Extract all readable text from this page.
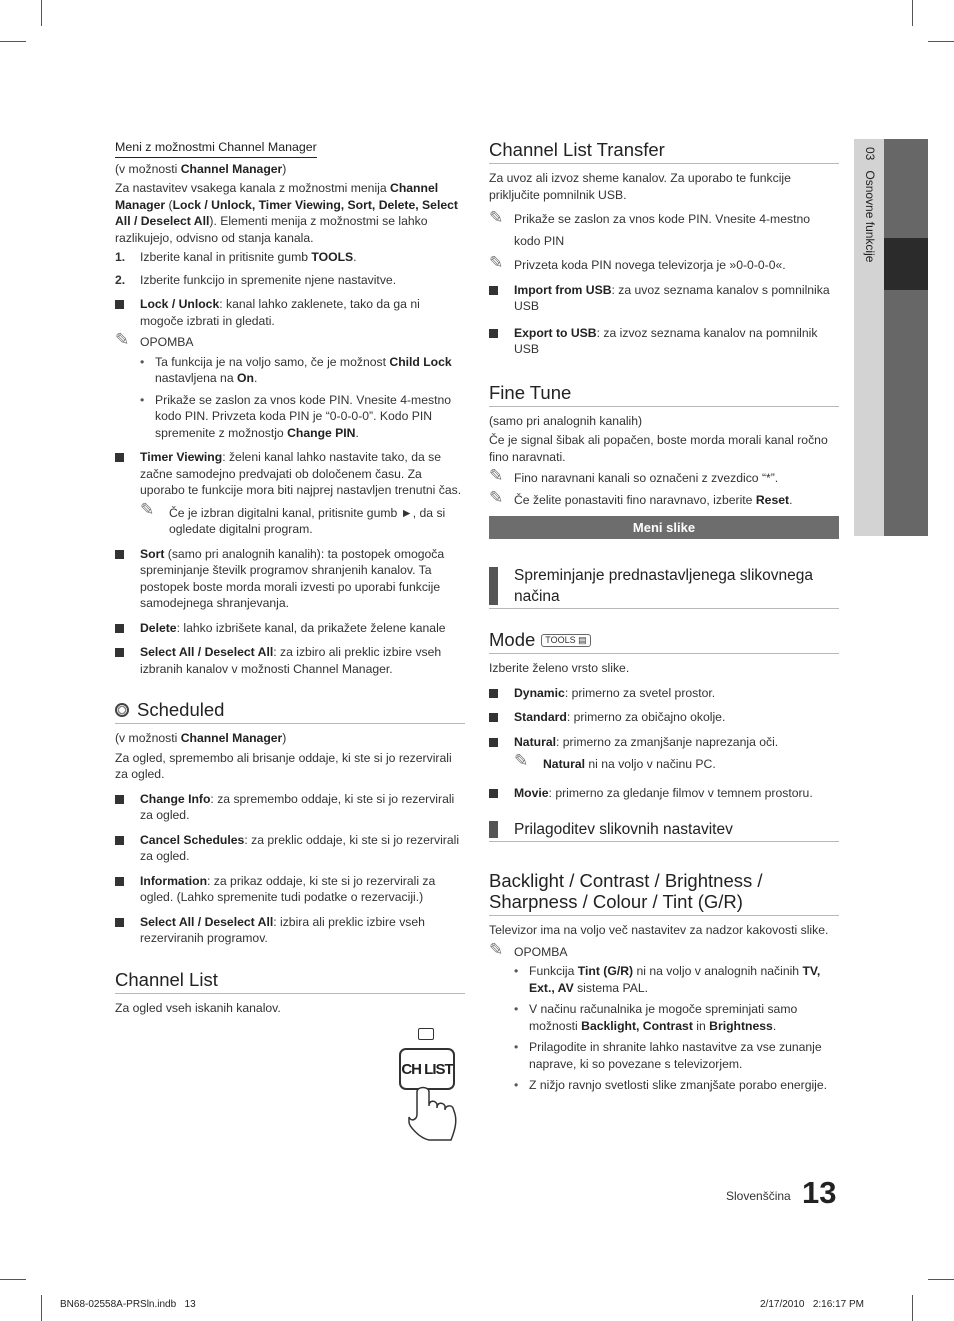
03   Osnovne funkcije
Meni z možnostmi Channel Manager

(v možnosti Channel Manager)

Za nastavitev vsakega kanala z možnostmi menija Channel Manager (Lock / Unlock, Timer Viewing, Sort, Delete, Select All / Deselect All). Elementi menija z možnostmi se lahko razlikujejo, odvisno od stanja kanala.

1. Izberite kanal in pritisnite gumb TOOLS.
2. Izberite funkcijo in spremenite njene nastavitve.
Lock / Unlock: kanal lahko zaklenete, tako da ga ni mogoče izbrati in gledati.
✎ OPOMBA
• Ta funkcija je na voljo samo, če je možnost Child Lock nastavljena na On.
• Prikaže se zaslon za vnos kode PIN. Vnesite 4-mestno kodo PIN. Privzeta koda PIN je “0-0-0-0”. Kodo PIN spremenite z možnostjo Change PIN.
Timer Viewing: želeni kanal lahko nastavite tako, da se začne samodejno predvajati ob določenem času. Za uporabo te funkcije mora biti najprej nastavljen trenutni čas.
✎ Če je izbran digitalni kanal, pritisnite gumb ►, da si ogledate digitalni program.
Sort (samo pri analognih kanalih): ta postopek omogoča spreminjanje številk programov shranjenih kanalov. Ta postopek boste morda morali izvesti po uporabi funkcije samodejnega shranjevanja.
Delete: lahko izbrišete kanal, da prikažete želene kanale
Select All / Deselect All: za izbiro ali preklic izbire vseh izbranih kanalov v možnosti Channel Manager.
Scheduled

(v možnosti Channel Manager)

Za ogled, spremembo ali brisanje oddaje, ki ste si jo rezervirali za ogled.

Change Info: za spremembo oddaje, ki ste si jo rezervirali za ogled.
Cancel Schedules: za preklic oddaje, ki ste si jo rezervirali za ogled.
Information: za prikaz oddaje, ki ste si jo rezervirali za ogled. (Lahko spremenite tudi podatke o rezervaciji.)
Select All / Deselect All: izbira ali preklic izbire vseh rezerviranih programov.
Channel List

Za ogled vseh iskanih kanalov.

CH LIST
Channel List Transfer

Za uvoz ali izvoz sheme kanalov. Za uporabo te funkcije priključite pomnilnik USB.

✎ Prikaže se zaslon za vnos kode PIN. Vnesite 4-mestno kodo PIN
✎ Privzeta koda PIN novega televizorja je »0-0-0-0«.
Import from USB: za uvoz seznama kanalov s pomnilnika USB
Export to USB: za izvoz seznama kanalov na pomnilnik USB
Fine Tune

(samo pri analognih kanalih)

Če je signal šibak ali popačen, boste morda morali kanal ročno fino naravnati.

✎ Fino naravnani kanali so označeni z zvezdico “*”.
✎ Če želite ponastaviti fino naravnavo, izberite Reset.
Meni slike
Spreminjanje prednastavljenega slikovnega načina
Mode TOOLS ▤

Izberite želeno vrsto slike.

Dynamic: primerno za svetel prostor.
Standard: primerno za običajno okolje.
Natural: primerno za zmanjšanje naprezanja oči.
✎ Natural ni na voljo v načinu PC.
Movie: primerno za gledanje filmov v temnem prostoru.
Prilagoditev slikovnih nastavitev
Backlight / Contrast / Brightness / Sharpness / Colour / Tint (G/R)

Televizor ima na voljo več nastavitev za nadzor kakovosti slike.

✎ OPOMBA
• Funkcija Tint (G/R) ni na voljo v analognih načinih TV, Ext., AV sistema PAL.
• V načinu računalnika je mogoče spreminjati samo možnosti Backlight, Contrast in Brightness.
• Prilagodite in shranite lahko nastavitve za vse zunanje naprave, ki so povezane s televizorjem.
• Z nižjo ravnjo svetlosti slike zmanjšate porabo energije.
Slovenščina 13
BN68-02558A-PRSln.indb   13	2/17/2010   2:16:17 PM
